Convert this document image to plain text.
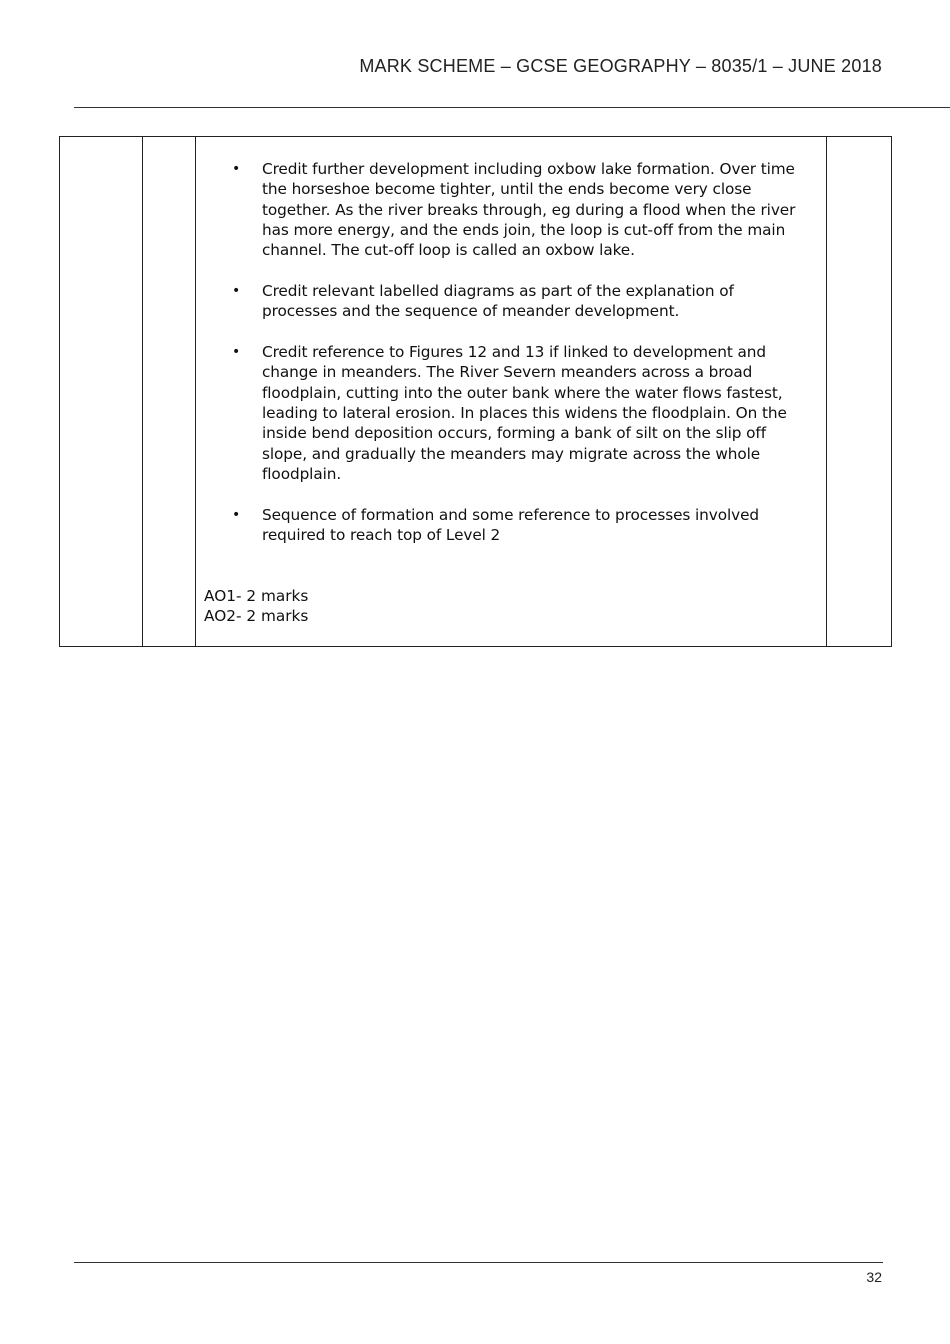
MARK SCHEME – GCSE GEOGRAPHY – 8035/1 – JUNE 2018
• Credit further development including oxbow lake formation. Over time the horseshoe become tighter, until the ends become very close together. As the river breaks through, eg during a flood when the river has more energy, and the ends join, the loop is cut-off from the main channel. The cut-off loop is called an oxbow lake.
• Credit relevant labelled diagrams as part of the explanation of processes and the sequence of meander development.
• Credit reference to Figures 12 and 13 if linked to development and change in meanders. The River Severn meanders across a broad floodplain, cutting into the outer bank where the water flows fastest, leading to lateral erosion. In places this widens the floodplain. On the inside bend deposition occurs, forming a bank of silt on the slip off slope, and gradually the meanders may migrate across the whole floodplain.
• Sequence of formation and some reference to processes involved required to reach top of Level 2
AO1- 2 marks
AO2- 2 marks
32
